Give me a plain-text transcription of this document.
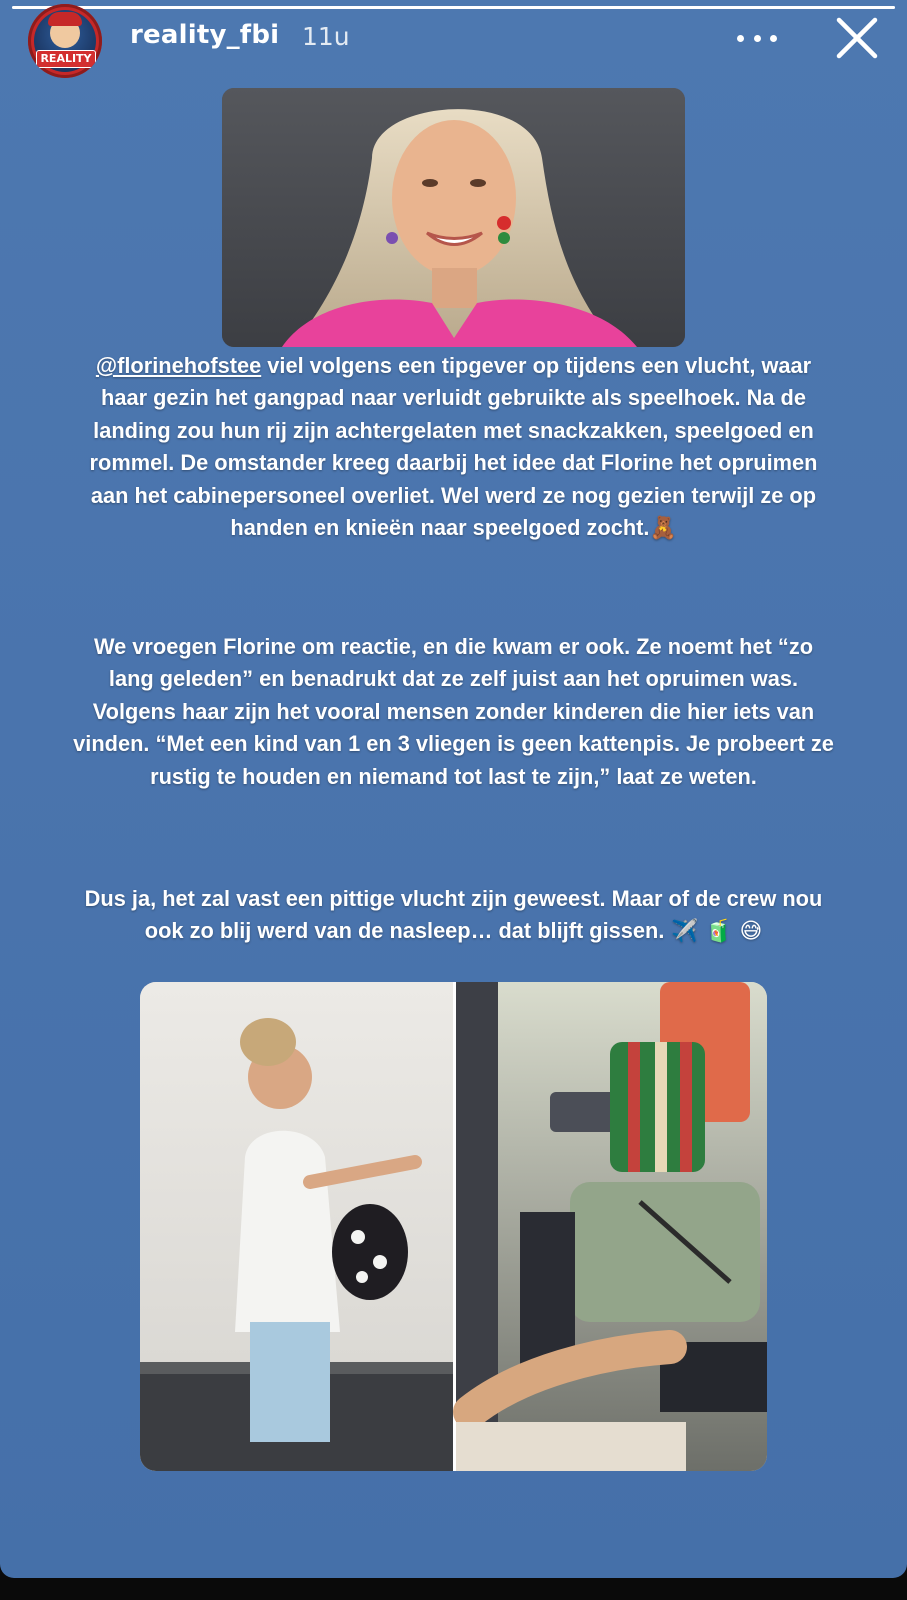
REALITY
reality_fbi 11u
@florinehofstee viel volgens een tipgever op tijdens een vlucht, waar haar gezin het gangpad naar verluidt gebruikte als speelhoek. Na de landing zou hun rij zijn achtergelaten met snackzakken, speelgoed en rommel. De omstander kreeg daarbij het idee dat Florine het opruimen aan het cabinepersoneel overliet. Wel werd ze nog gezien terwijl ze op handen en knieën naar speelgoed zocht.🧸
We vroegen Florine om reactie, en die kwam er ook. Ze noemt het “zo lang geleden” en benadrukt dat ze zelf juist aan het opruimen was. Volgens haar zijn het vooral mensen zonder kinderen die hier iets van vinden. “Met een kind van 1 en 3 vliegen is geen kattenpis. Je probeert ze rustig te houden en niemand tot last te zijn,” laat ze weten.
Dus ja, het zal vast een pittige vlucht zijn geweest. Maar of de crew nou ook zo blij werd van de nasleep… dat blijft gissen. ✈️ 🧃 😅
